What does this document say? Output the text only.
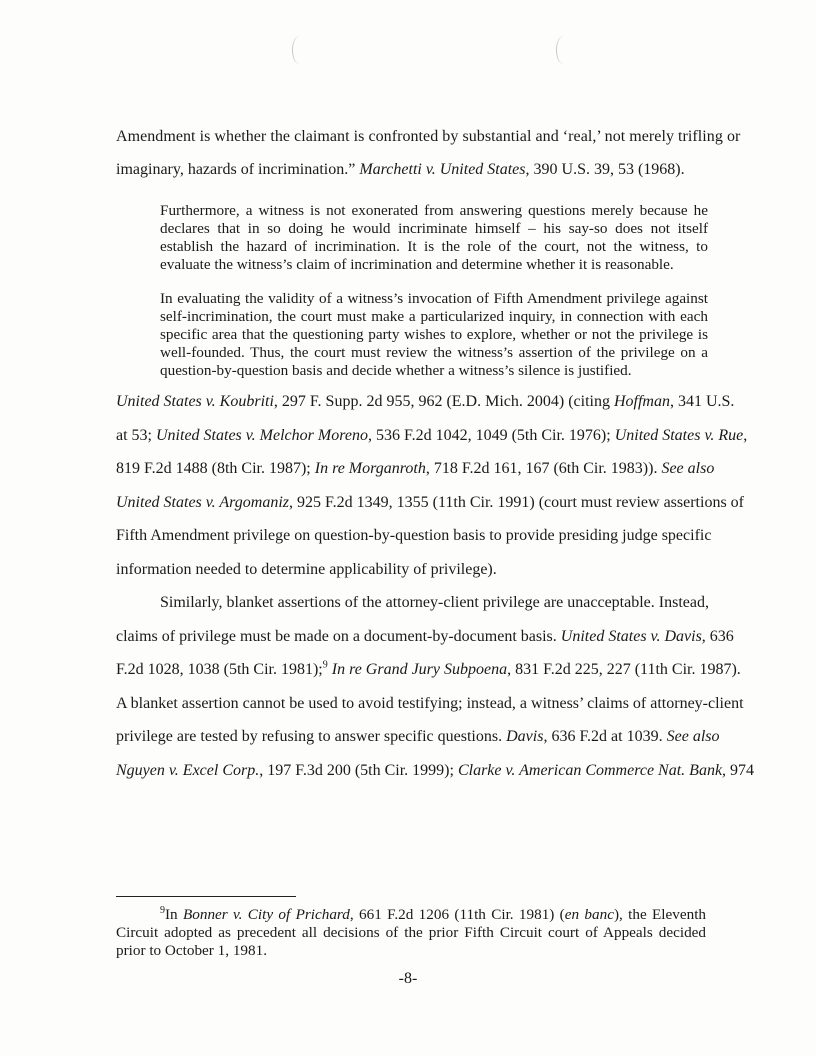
Amendment is whether the claimant is confronted by substantial and ‘real,’ not merely trifling or
imaginary, hazards of incrimination.” Marchetti v. United States, 390 U.S. 39, 53 (1968).

Furthermore, a witness is not exonerated from answering questions merely because he declares that in so doing he would incriminate himself – his say-so does not itself establish the hazard of incrimination. It is the role of the court, not the witness, to evaluate the witness’s claim of incrimination and determine whether it is reasonable.

In evaluating the validity of a witness’s invocation of Fifth Amendment privilege against self-incrimination, the court must make a particularized inquiry, in connection with each specific area that the questioning party wishes to explore, whether or not the privilege is well-founded. Thus, the court must review the witness’s assertion of the privilege on a question-by-question basis and decide whether a witness’s silence is justified.

United States v. Koubriti, 297 F. Supp. 2d 955, 962 (E.D. Mich. 2004) (citing Hoffman, 341 U.S.
at 53; United States v. Melchor Moreno, 536 F.2d 1042, 1049 (5th Cir. 1976); United States v. Rue,
819 F.2d 1488 (8th Cir. 1987); In re Morganroth, 718 F.2d 161, 167 (6th Cir. 1983)). See also
United States v. Argomaniz, 925 F.2d 1349, 1355 (11th Cir. 1991) (court must review assertions of
Fifth Amendment privilege on question-by-question basis to provide presiding judge specific
information needed to determine applicability of privilege).
Similarly, blanket assertions of the attorney-client privilege are unacceptable. Instead,
claims of privilege must be made on a document-by-document basis. United States v. Davis, 636
F.2d 1028, 1038 (5th Cir. 1981);$^9$ In re Grand Jury Subpoena, 831 F.2d 225, 227 (11th Cir. 1987).
A blanket assertion cannot be used to avoid testifying; instead, a witness’ claims of attorney-client
privilege are tested by refusing to answer specific questions. Davis, 636 F.2d at 1039. See also
Nguyen v. Excel Corp., 197 F.3d 200 (5th Cir. 1999); Clarke v. American Commerce Nat. Bank, 974

$^9$In Bonner v. City of Prichard, 661 F.2d 1206 (11th Cir. 1981) (en banc), the Eleventh Circuit adopted as precedent all decisions of the prior Fifth Circuit court of Appeals decided prior to October 1, 1981.

-8-
